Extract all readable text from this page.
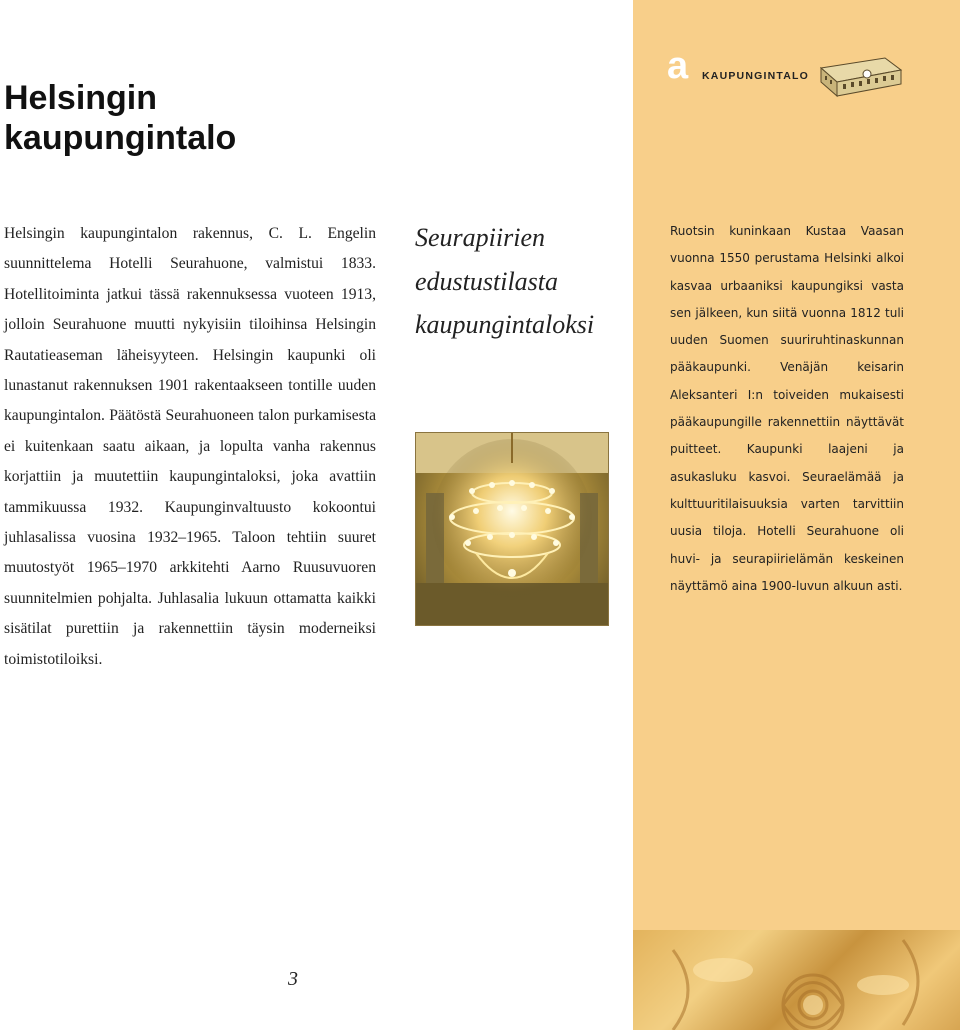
Helsingin kaupungintalo
Helsingin kaupungintalon rakennus, C. L. Engelin suunnittelema Hotelli Seurahuone, valmistui 1833. Hotellitoiminta jatkui tässä rakennuksessa vuoteen 1913, jolloin Seurahuone muutti nykyisiin tiloihinsa Helsingin Rautatieaseman läheisyyteen. Helsingin kaupunki oli lunastanut rakennuksen 1901 rakentaakseen tontille uuden kaupungintalon. Päätöstä Seurahuoneen talon purkamisesta ei kuitenkaan saatu aikaan, ja lopulta vanha rakennus korjattiin ja muutettiin kaupungintaloksi, joka avattiin tammikuussa 1932. Kaupunginvaltuusto kokoontui juhlasalissa vuosina 1932–1965. Taloon tehtiin suuret muutostyöt 1965–1970 arkkitehti Aarno Ruusuvuoren suunnitelmien pohjalta. Juhlasalia lukuun ottamatta kaikki sisätilat purettiin ja rakennettiin täysin moderneiksi toimistotiloiksi.
Seurapiirien edustustilasta kaupungintaloksi
a KAUPUNGINTALO
Ruotsin kuninkaan Kustaa Vaasan vuonna 1550 perustama Helsinki alkoi kasvaa urbaaniksi kaupungiksi vasta sen jälkeen, kun siitä vuonna 1812 tuli uuden Suomen suuriruhtinaskunnan pääkaupunki. Venäjän keisarin Aleksanteri I:n toiveiden mukaisesti pääkaupungille rakennettiin näyttävät puitteet. Kaupunki laajeni ja asukasluku kasvoi. Seuraelämää ja kulttuuritilaisuuksia varten tarvittiin uusia tiloja. Hotelli Seurahuone oli huvi- ja seurapiirielämän keskeinen näyttämö aina 1900-luvun alkuun asti.
3
